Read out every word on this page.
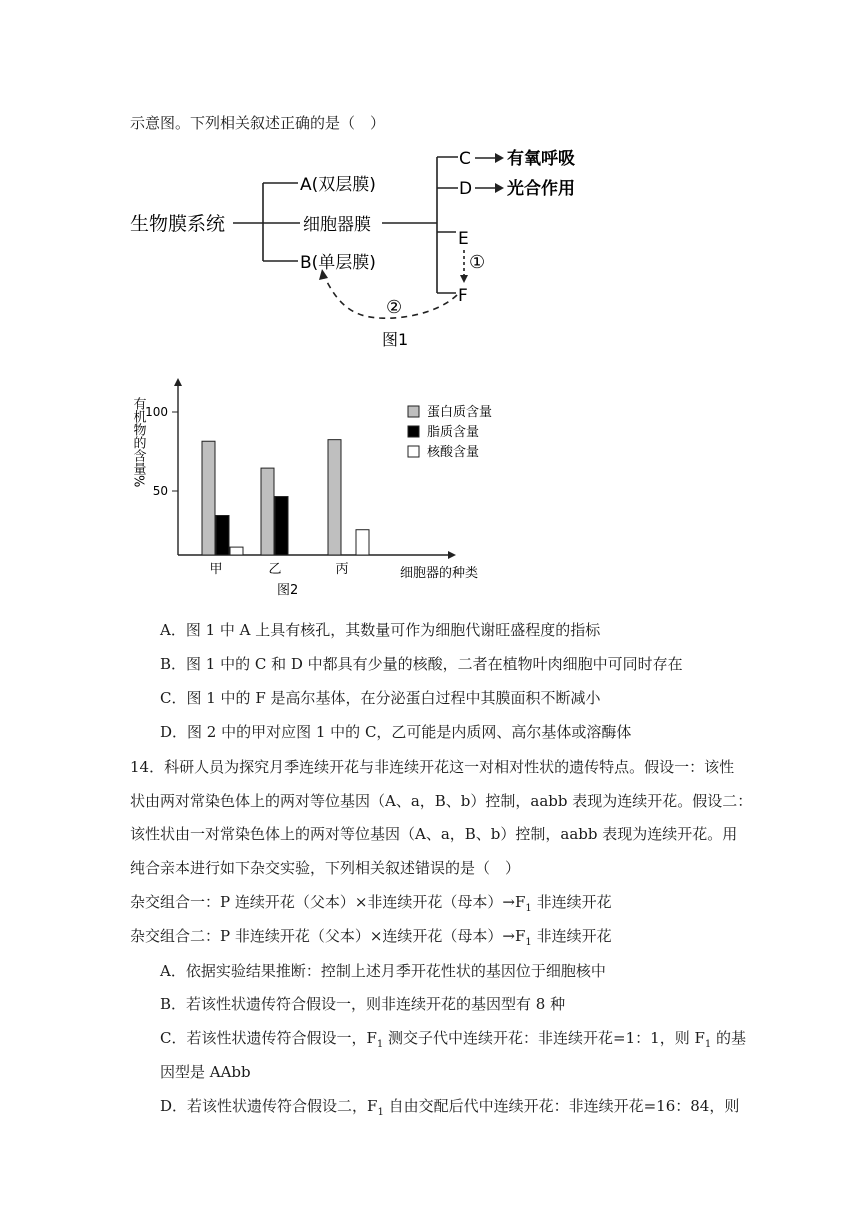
示意图。下列相关叙述正确的是（　）
生物膜系统
A(双层膜)
细胞器膜
B(单层膜)
C 有氧呼吸
D 光合作用
E
①
F
②
图1
100
50
有机物的含量%
甲	乙	丙	细胞器的种类
图2
蛋白质含量
脂质含量
核酸含量
A．图 1 中 A 上具有核孔，其数量可作为细胞代谢旺盛程度的指标
B．图 1 中的 C 和 D 中都具有少量的核酸，二者在植物叶肉细胞中可同时存在
C．图 1 中的 F 是高尔基体，在分泌蛋白过程中其膜面积不断减小
D．图 2 中的甲对应图 1 中的 C，乙可能是内质网、高尔基体或溶酶体
14．科研人员为探究月季连续开花与非连续开花这一对相对性状的遗传特点。假设一：该性
状由两对常染色体上的两对等位基因（A、a，B、b）控制，aabb 表现为连续开花。假设二：
该性状由一对常染色体上的两对等位基因（A、a，B、b）控制，aabb 表现为连续开花。用
纯合亲本进行如下杂交实验，下列相关叙述错误的是（　）
杂交组合一：P 连续开花（父本）×非连续开花（母本）$\to F_1$ 非连续开花
杂交组合二：P 非连续开花（父本）×连续开花（母本）$\to F_1$ 非连续开花
A．依据实验结果推断：控制上述月季开花性状的基因位于细胞核中
B．若该性状遗传符合假设一，则非连续开花的基因型有 8 种
C．若该性状遗传符合假设一，$F_1$ 测交子代中连续开花：非连续开花=1：1，则 $F_1$ 的基
因型是 AAbb
D．若该性状遗传符合假设二，$F_1$ 自由交配后代中连续开花：非连续开花=16：84，则
